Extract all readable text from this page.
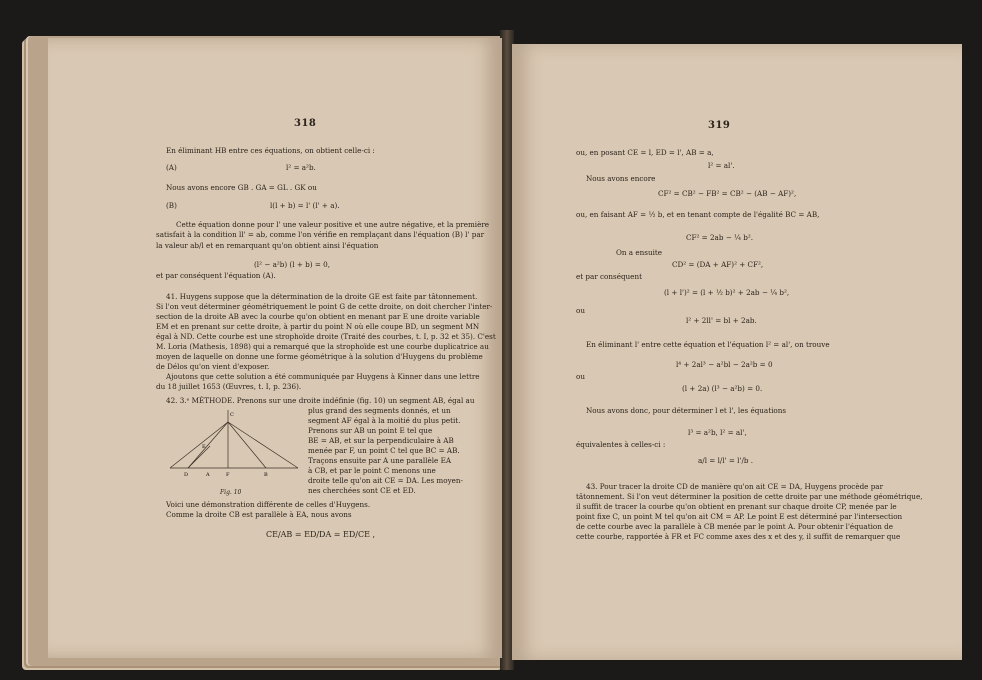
318
En éliminant HB entre ces équations, on obtient celle-ci :
(A)	l² = a²b.
Nous avons encore GB . GA = GL . GK ou
(B)	l(l + b) = l' (l' + a).
Cette équation donne pour l' une valeur positive et une autre négative, et la première
satisfait à la condition ll' = ab, comme l'on vérifie en remplaçant dans l'équation (B) l' par
la valeur ab/l et en remarquant qu'on obtient ainsi l'équation
(l² − a²b) (l + b) = 0,
et par conséquent l'équation (A).
41. Huygens suppose que la détermination de la droite GE est faite par tâtonnement.
Si l'on veut déterminer géométriquement le point G de cette droite, on doit chercher l'inter-
section de la droite AB avec la courbe qu'on obtient en menant par E une droite variable
EM et en prenant sur cette droite, à partir du point N où elle coupe BD, un segment MN
égal à ND. Cette courbe est une strophoïde droite (Traité des courbes, t. I, p. 32 et 35). C'est
M. Loria (Mathesis, 1898) qui a remarqué que la strophoïde est une courbe duplicatrice au
moyen de laquelle on donne une forme géométrique à la solution d'Huygens du problème
de Délos qu'on vient d'exposer.
Ajoutons que cette solution a été communiquée par Huygens à Kinner dans une lettre
du 18 juillet 1653 (Œuvres, t. I, p. 236).
42. 3.ᵉ MÉTHODE. Prenons sur une droite indéfinie (fig. 10) un segment AB, égal au
plus grand des segments donnés, et un
segment AF égal à la moitié du plus petit.
Prenons sur AB un point E tel que
BE = AB, et sur la perpendiculaire à AB
menée par F, un point C tel que BC = AB.
Traçons ensuite par A une parallèle EA
à CB, et par le point C menons une
droite telle qu'on ait CE = DA. Les moyen-
nes cherchées sont CE et ED.
C
E
D	A	F	B
Fig. 10
Voici une démonstration différente de celles d'Huygens.
Comme la droite CB est parallèle à EA, nous avons
CE/AB = ED/DA = ED/CE ,
319
ou, en posant CE = l, ED = l', AB = a,
l² = al'.
Nous avons encore
CF² = CB² − FB² = CB² − (AB − AF)²,
ou, en faisant AF = ½ b, et en tenant compte de l'égalité BC = AB,
CF² = 2ab − ¼ b².
On a ensuite
CD² = (DA + AF)² + CF²,
et par conséquent
(l + l')² = (l + ½ b)² + 2ab − ¼ b²,
ou
l² + 2ll' = bl + 2ab.
En éliminant l' entre cette équation et l'équation l² = al', on trouve
l⁴ + 2al³ − a²bl − 2a²b = 0
ou
(l + 2a) (l³ − a²b) = 0.
Nous avons donc, pour déterminer l et l', les équations
l³ = a²b, l² = al',
équivalentes à celles-ci :
a/l = l/l' = l'/b .
43. Pour tracer la droite CD de manière qu'on ait CE = DA, Huygens procède par
tâtonnement. Si l'on veut déterminer la position de cette droite par une méthode géométrique,
il suffit de tracer la courbe qu'on obtient en prenant sur chaque droite CP, menée par le
point fixe C, un point M tel qu'on ait CM = AP. Le point E est déterminé par l'intersection
de cette courbe avec la parallèle à CB menée par le point A. Pour obtenir l'équation de
cette courbe, rapportée à FR et FC comme axes des x et des y, il suffit de remarquer que
